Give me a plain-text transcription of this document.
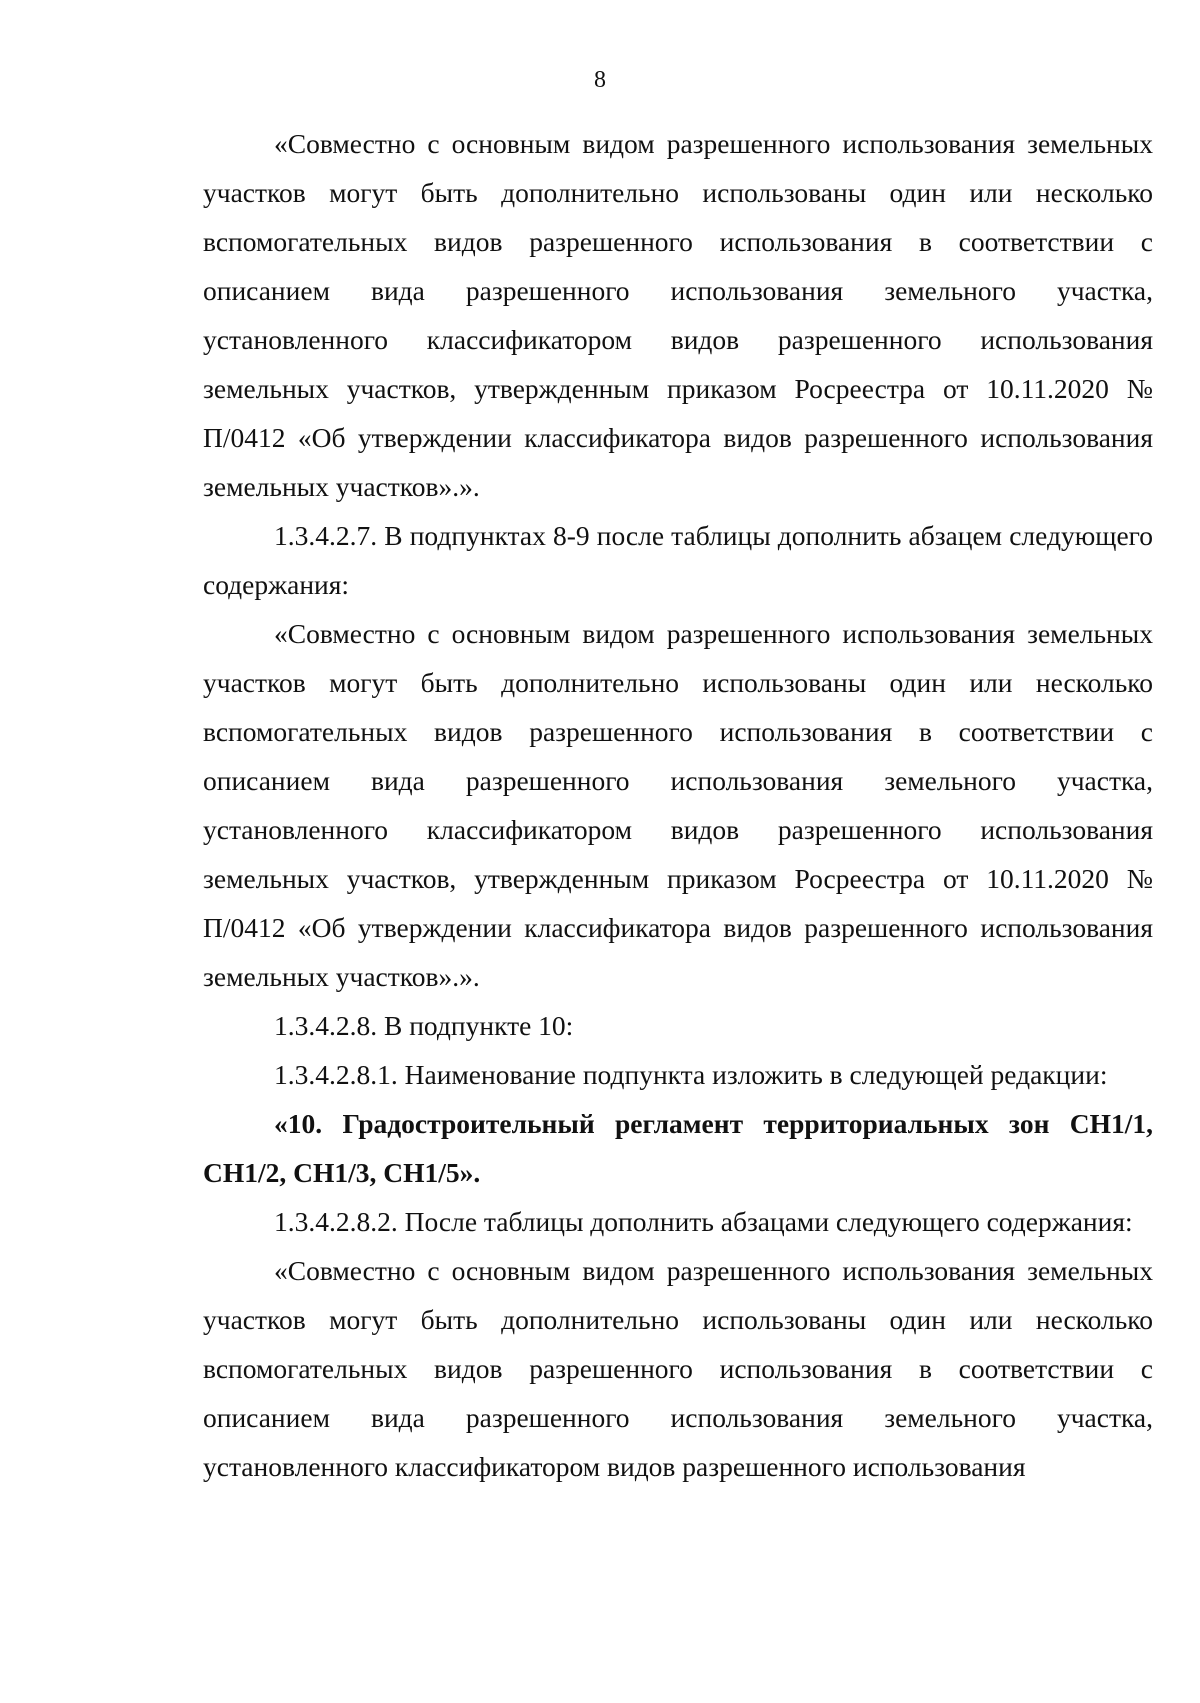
8

«Совместно с основным видом разрешенного использования земельных участков могут быть дополнительно использованы один или несколько вспомогательных видов разрешенного использования в соответствии с описанием вида разрешенного использования земельного участка, установленного классификатором видов разрешенного использования земельных участков, утвержденным приказом Росреестра от 10.11.2020 № П/0412 «Об утверждении классификатора видов разрешенного использования земельных участков».».

1.3.4.2.7. В подпунктах 8-9 после таблицы дополнить абзацем следующего содержания:

«Совместно с основным видом разрешенного использования земельных участков могут быть дополнительно использованы один или несколько вспомогательных видов разрешенного использования в соответствии с описанием вида разрешенного использования земельного участка, установленного классификатором видов разрешенного использования земельных участков, утвержденным приказом Росреестра от 10.11.2020 № П/0412 «Об утверждении классификатора видов разрешенного использования земельных участков».».

1.3.4.2.8. В подпункте 10:

1.3.4.2.8.1. Наименование подпункта изложить в следующей редакции:

«10. Градостроительный регламент территориальных зон СН1/1, СН1/2, СН1/3, СН1/5».

1.3.4.2.8.2. После таблицы дополнить абзацами следующего содержания:

«Совместно с основным видом разрешенного использования земельных участков могут быть дополнительно использованы один или несколько вспомогательных видов разрешенного использования в соответствии с описанием вида разрешенного использования земельного участка, установленного классификатором видов разрешенного использования
